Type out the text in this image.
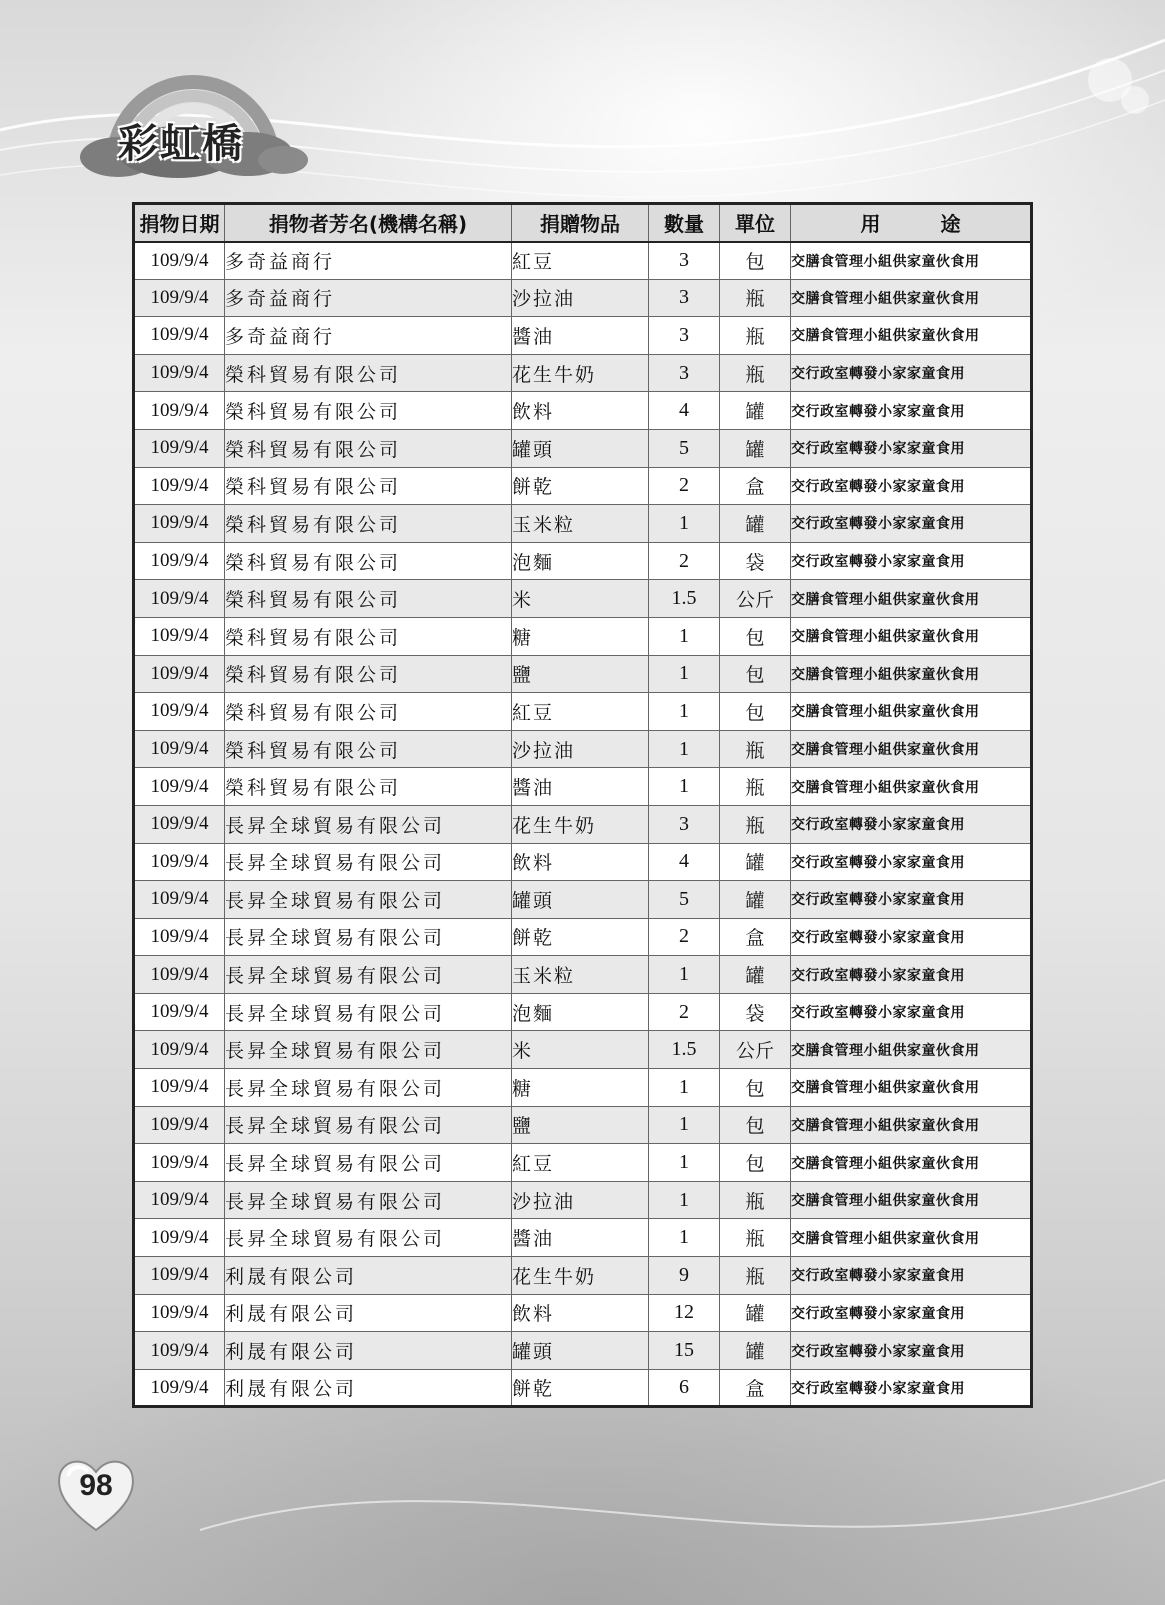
彩虹橋
捐物日期	捐物者芳名(機構名稱)	捐贈物品	數量	單位	用　　　途
109/9/4	多奇益商行	紅豆	3	包	交膳食管理小組供家童伙食用
109/9/4	多奇益商行	沙拉油	3	瓶	交膳食管理小組供家童伙食用
109/9/4	多奇益商行	醬油	3	瓶	交膳食管理小組供家童伙食用
109/9/4	榮科貿易有限公司	花生牛奶	3	瓶	交行政室轉發小家家童食用
109/9/4	榮科貿易有限公司	飲料	4	罐	交行政室轉發小家家童食用
109/9/4	榮科貿易有限公司	罐頭	5	罐	交行政室轉發小家家童食用
109/9/4	榮科貿易有限公司	餅乾	2	盒	交行政室轉發小家家童食用
109/9/4	榮科貿易有限公司	玉米粒	1	罐	交行政室轉發小家家童食用
109/9/4	榮科貿易有限公司	泡麵	2	袋	交行政室轉發小家家童食用
109/9/4	榮科貿易有限公司	米	1.5	公斤	交膳食管理小組供家童伙食用
109/9/4	榮科貿易有限公司	糖	1	包	交膳食管理小組供家童伙食用
109/9/4	榮科貿易有限公司	鹽	1	包	交膳食管理小組供家童伙食用
109/9/4	榮科貿易有限公司	紅豆	1	包	交膳食管理小組供家童伙食用
109/9/4	榮科貿易有限公司	沙拉油	1	瓶	交膳食管理小組供家童伙食用
109/9/4	榮科貿易有限公司	醬油	1	瓶	交膳食管理小組供家童伙食用
109/9/4	長昇全球貿易有限公司	花生牛奶	3	瓶	交行政室轉發小家家童食用
109/9/4	長昇全球貿易有限公司	飲料	4	罐	交行政室轉發小家家童食用
109/9/4	長昇全球貿易有限公司	罐頭	5	罐	交行政室轉發小家家童食用
109/9/4	長昇全球貿易有限公司	餅乾	2	盒	交行政室轉發小家家童食用
109/9/4	長昇全球貿易有限公司	玉米粒	1	罐	交行政室轉發小家家童食用
109/9/4	長昇全球貿易有限公司	泡麵	2	袋	交行政室轉發小家家童食用
109/9/4	長昇全球貿易有限公司	米	1.5	公斤	交膳食管理小組供家童伙食用
109/9/4	長昇全球貿易有限公司	糖	1	包	交膳食管理小組供家童伙食用
109/9/4	長昇全球貿易有限公司	鹽	1	包	交膳食管理小組供家童伙食用
109/9/4	長昇全球貿易有限公司	紅豆	1	包	交膳食管理小組供家童伙食用
109/9/4	長昇全球貿易有限公司	沙拉油	1	瓶	交膳食管理小組供家童伙食用
109/9/4	長昇全球貿易有限公司	醬油	1	瓶	交膳食管理小組供家童伙食用
109/9/4	利晟有限公司	花生牛奶	9	瓶	交行政室轉發小家家童食用
109/9/4	利晟有限公司	飲料	12	罐	交行政室轉發小家家童食用
109/9/4	利晟有限公司	罐頭	15	罐	交行政室轉發小家家童食用
109/9/4	利晟有限公司	餅乾	6	盒	交行政室轉發小家家童食用
98
